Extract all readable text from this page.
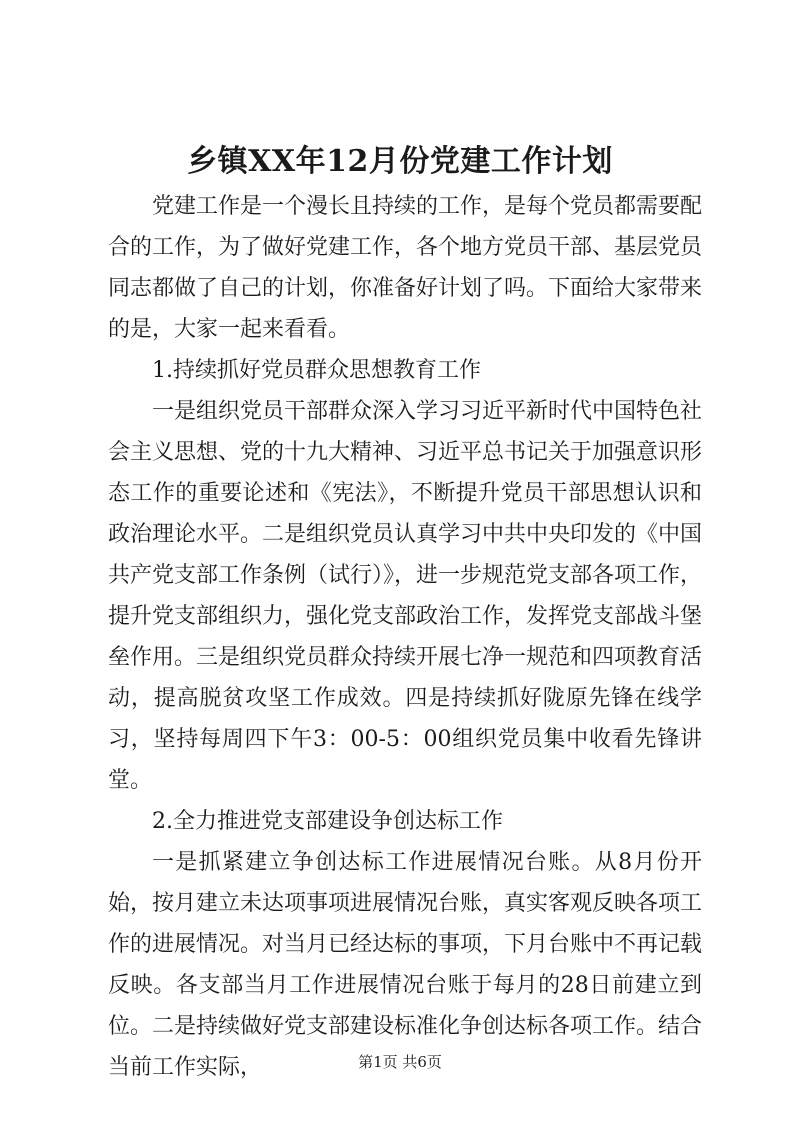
乡镇XX年12月份党建工作计划

党建工作是一个漫长且持续的工作，是每个党员都需要配合的工作，为了做好党建工作，各个地方党员干部、基层党员同志都做了自己的计划，你准备好计划了吗。下面给大家带来的是，大家一起来看看。

1.持续抓好党员群众思想教育工作

一是组织党员干部群众深入学习习近平新时代中国特色社会主义思想、党的十九大精神、习近平总书记关于加强意识形态工作的重要论述和《宪法》，不断提升党员干部思想认识和政治理论水平。二是组织党员认真学习中共中央印发的《中国共产党支部工作条例（试行）》，进一步规范党支部各项工作，提升党支部组织力，强化党支部政治工作，发挥党支部战斗堡垒作用。三是组织党员群众持续开展七净一规范和四项教育活动，提高脱贫攻坚工作成效。四是持续抓好陇原先锋在线学习，坚持每周四下午3：00-5：00组织党员集中收看先锋讲堂。

2.全力推进党支部建设争创达标工作

一是抓紧建立争创达标工作进展情况台账。从8月份开始，按月建立未达项事项进展情况台账，真实客观反映各项工作的进展情况。对当月已经达标的事项，下月台账中不再记载反映。各支部当月工作进展情况台账于每月的28日前建立到位。二是持续做好党支部建设标准化争创达标各项工作。结合当前工作实际，	第1页 共6页
